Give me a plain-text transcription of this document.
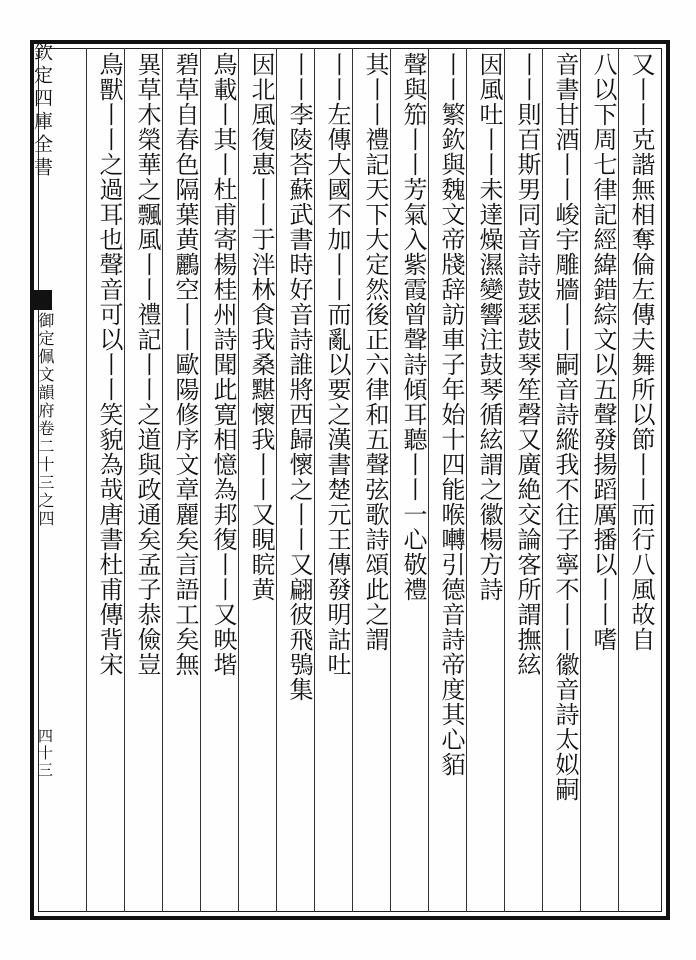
欽定四庫全書
御定佩文韻府卷二十三之四
四十三
又丨丨克諧無相奪倫左傳夫舞所以節丨丨而行八風故自
八以下周七律記經緯錯綜文以五聲發揚蹈厲播以丨丨嗜
音書甘酒丨丨峻宇雕牆丨丨嗣音詩縱我不往子寧不丨丨徽音詩太姒嗣
丨丨則百斯男同音詩鼓瑟鼓琴笙磬又廣絶交論客所謂撫絃
因風吐丨丨未達燥濕變響注鼓琴循絃謂之徽楊方詩
丨丨繁欽與魏文帝牋辞訪車子年始十四能喉囀引德音詩帝度其心貊
聲與笳丨丨芳氣入紫霞曾聲詩傾耳聽丨丨一心敬禮
其丨丨禮記天下大定然後正六律和五聲弦歌詩頌此之謂
丨丨左傳大國不加丨丨而亂以要之漢書楚元王傳發明詁吐
丨丨李陵荅蘇武書時好音詩誰將西歸懷之丨丨又翩彼飛鴞集
因北風復惠丨丨于泮林食我桑黮懷我丨丨又睍睆黄
鳥載丨其丨杜甫寄楊桂州詩聞此寛相憶為邦復丨丨又映堦
碧草自春色隔葉黄鸝空丨丨歐陽修序文章麗矣言語工矣無
異草木榮華之飄風丨丨禮記丨丨之道與政通矣孟子恭儉豈
鳥獸丨丨之過耳也聲音可以丨丨笑貌為哉唐書杜甫傳背宋
